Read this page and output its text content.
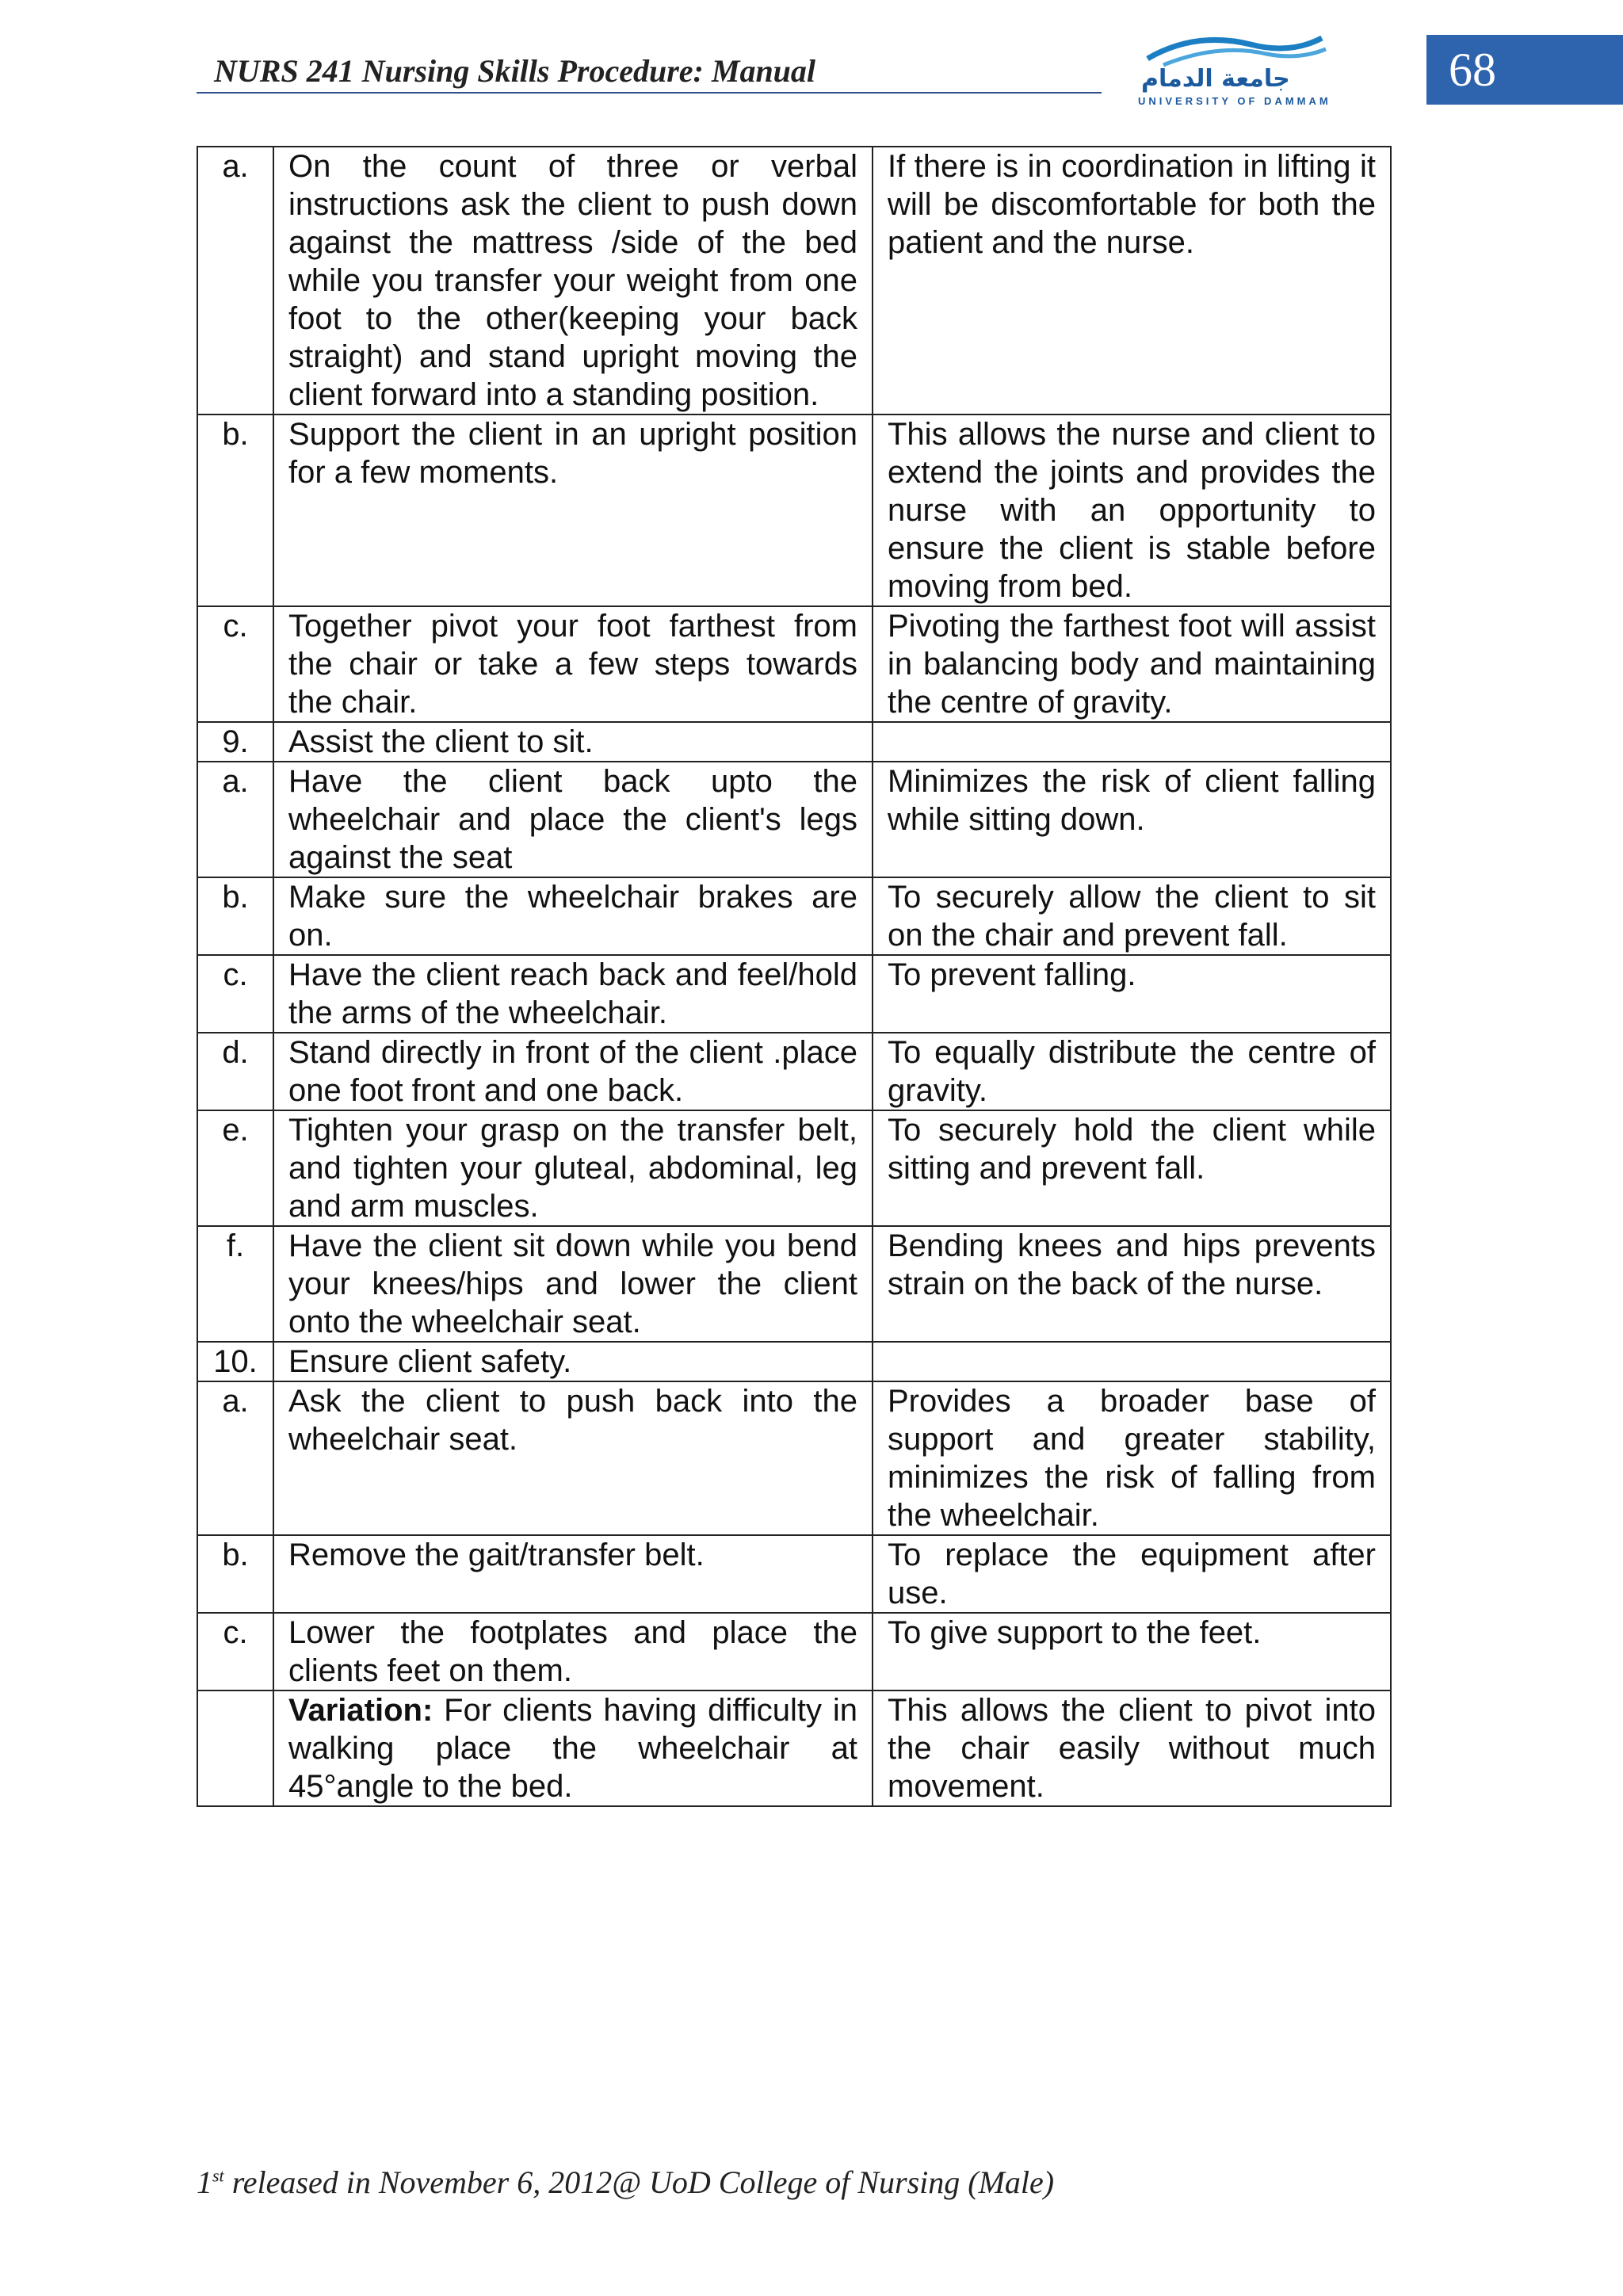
NURS 241 Nursing Skills Procedure: Manual	جامعة الدمام
UNIVERSITY OF DAMMAM
68
a.	On the count of three or verbal instructions ask the client to push down against the mattress /side of the bed while you transfer your weight from one foot to the other(keeping your back straight) and stand upright moving the client forward into a standing position.	If there is in coordination in lifting it will be discomfortable for both the patient and the nurse.
b.	Support the client in an upright position for a few moments.	This allows the nurse and client to extend the joints and provides the nurse with an opportunity to ensure the client is stable before moving from bed.
c.	Together pivot your foot farthest from the chair or take a few steps towards the chair.	Pivoting the farthest foot will assist in balancing body and maintaining the centre of gravity.
9.	Assist the client to sit.	
a.	Have the client back upto the wheelchair and place the client's legs against the seat	Minimizes the risk of client falling while sitting down.
b.	Make sure the wheelchair brakes are on.	To securely allow the client to sit on the chair and prevent fall.
c.	Have the client reach back and feel/hold the arms of the wheelchair.	To prevent falling.
d.	Stand directly in front of the client .place one foot front and one back.	To equally distribute the centre of gravity.
e.	Tighten your grasp on the transfer belt, and tighten your gluteal, abdominal, leg and arm muscles.	To securely hold the client while sitting and prevent fall.
f.	Have the client sit down while you bend your knees/hips and lower the client onto the wheelchair seat.	Bending knees and hips prevents strain on the back of the nurse.
10.	Ensure client safety.	
a.	Ask the client to push back into the wheelchair seat.	Provides a broader base of support and greater stability, minimizes the risk of falling from the wheelchair.
b.	Remove the gait/transfer belt.	To replace the equipment after use.
c.	Lower the footplates and place the clients feet on them.	To give support to the feet.
	Variation: For clients having difficulty in walking place the wheelchair at 45°angle to the bed.	This allows the client to pivot into the chair easily without much movement.
1st released in November 6, 2012@ UoD College of Nursing (Male)
